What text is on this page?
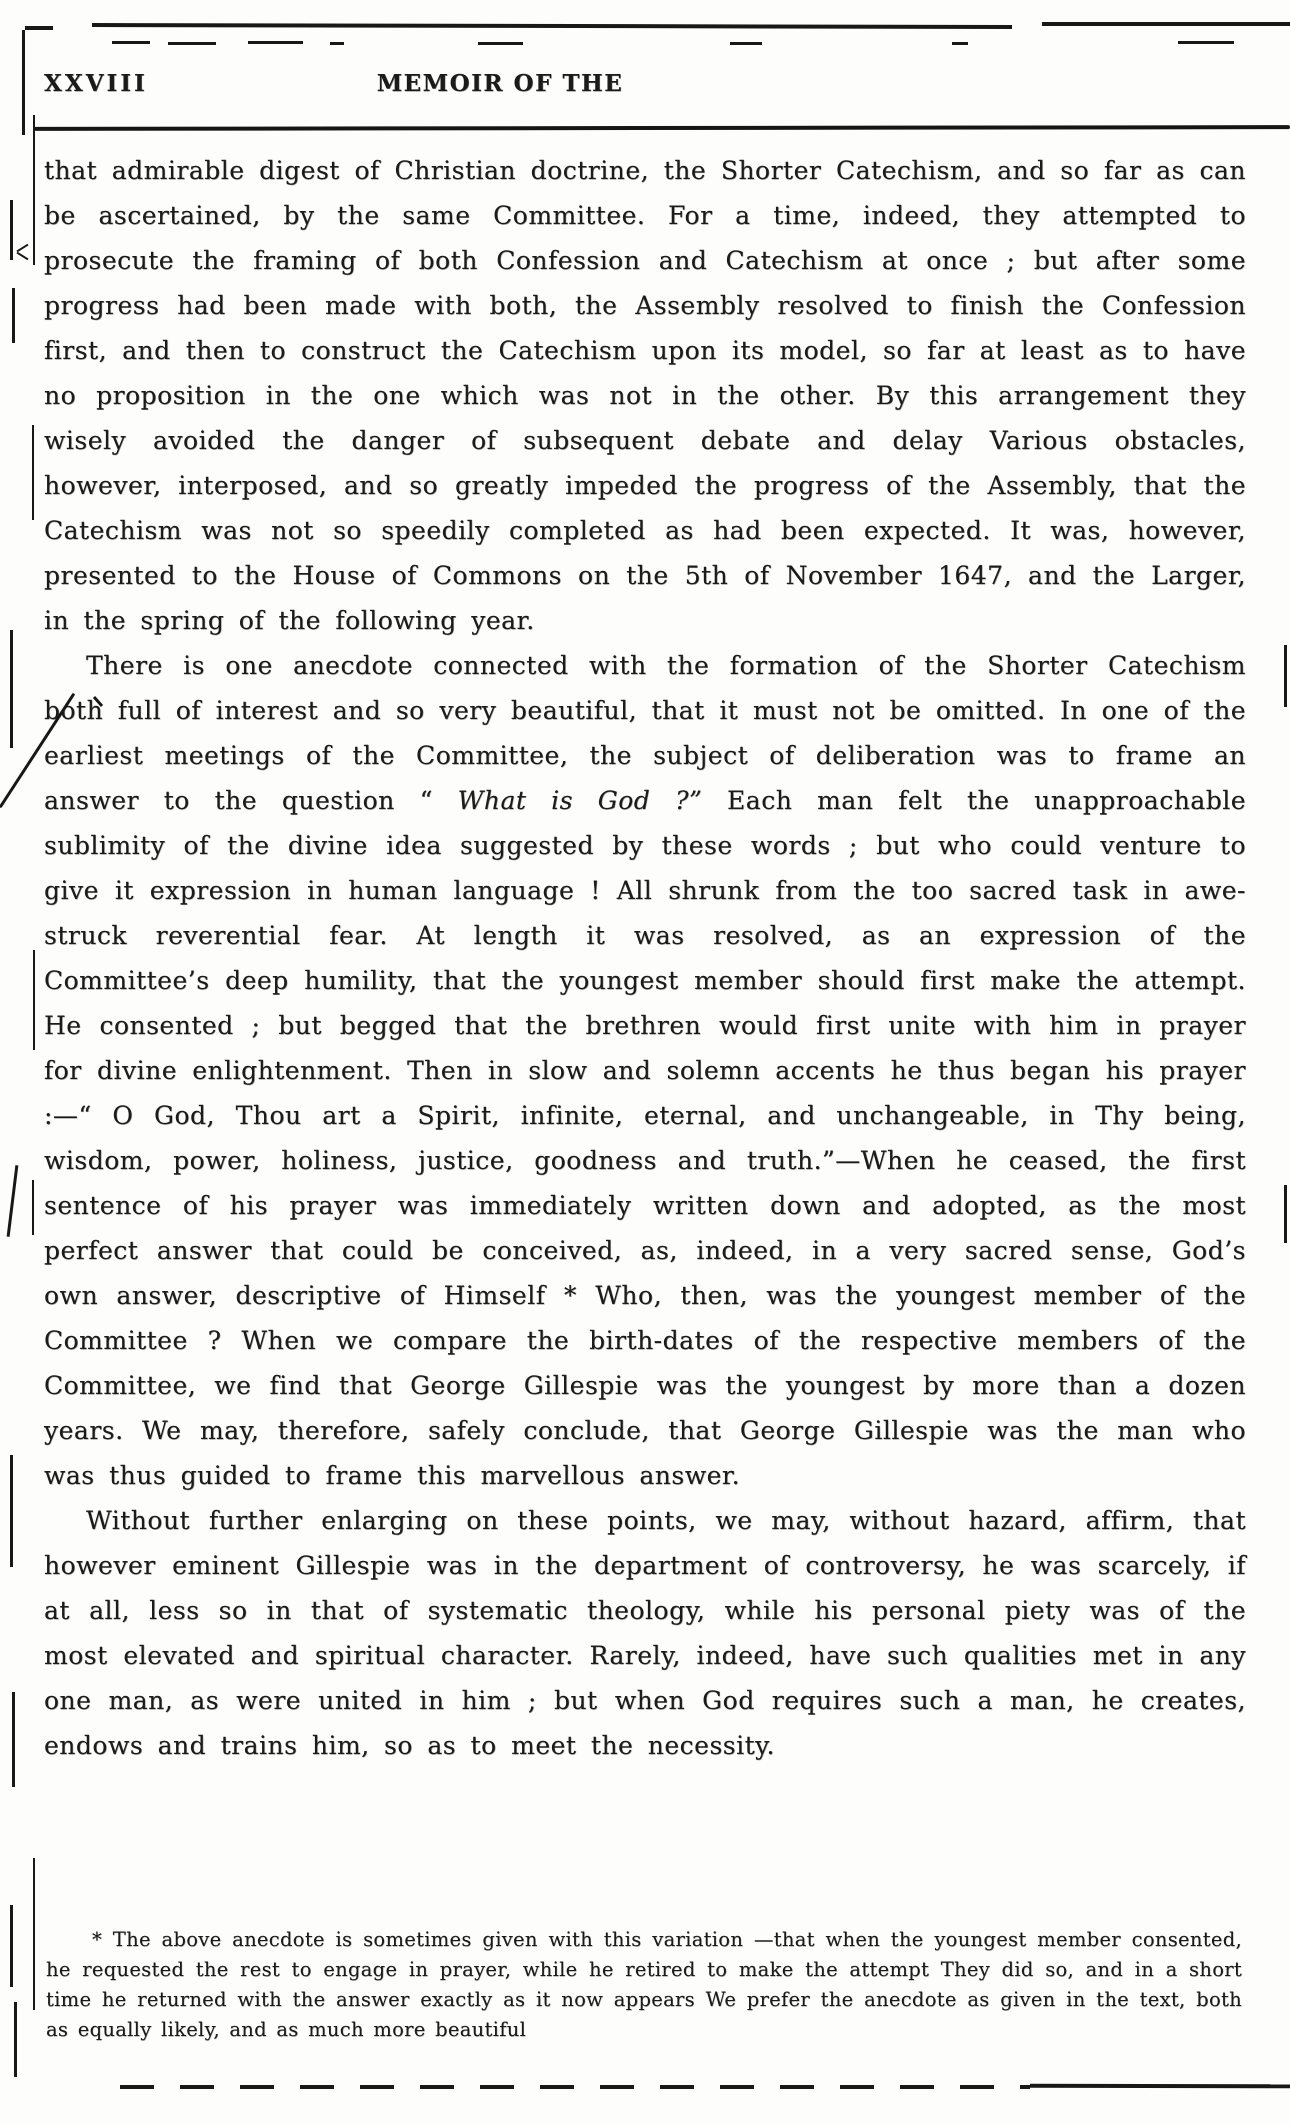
XXVIII	MEMOIR OF THE

that admirable digest of Christian doctrine, the Shorter Catechism, and so far as can be ascertained, by the same Committee. For a time, indeed, they attempted to prosecute the framing of both Confession and Catechism at once ; but after some progress had been made with both, the Assembly resolved to finish the Confession first, and then to construct the Catechism upon its model, so far at least as to have no proposition in the one which was not in the other. By this arrangement they wisely avoided the danger of subsequent debate and delay Various obstacles, however, interposed, and so greatly impeded the progress of the Assembly, that the Catechism was not so speedily completed as had been expected. It was, however, presented to the House of Commons on the 5th of November 1647, and the Larger, in the spring of the following year.

There is one anecdote connected with the formation of the Shorter Catechism both full of interest and so very beautiful, that it must not be omitted. In one of the earliest meetings of the Committee, the subject of deliberation was to frame an answer to the question “ What is God ?” Each man felt the unapproachable sublimity of the divine idea suggested by these words ; but who could venture to give it expression in human language ! All shrunk from the too sacred task in awe-struck reverential fear. At length it was resolved, as an expression of the Committee’s deep humility, that the youngest member should first make the attempt. He consented ; but begged that the brethren would first unite with him in prayer for divine enlightenment. Then in slow and solemn accents he thus began his prayer :—“ O God, Thou art a Spirit, infinite, eternal, and unchangeable, in Thy being, wisdom, power, holiness, justice, goodness and truth.”—When he ceased, the first sentence of his prayer was immediately written down and adopted, as the most perfect answer that could be conceived, as, indeed, in a very sacred sense, God’s own answer, descriptive of Himself * Who, then, was the youngest member of the Committee ? When we compare the birth-dates of the respective members of the Committee, we find that George Gillespie was the youngest by more than a dozen years. We may, therefore, safely conclude, that George Gillespie was the man who was thus guided to frame this marvellous answer.

Without further enlarging on these points, we may, without hazard, affirm, that however eminent Gillespie was in the department of controversy, he was scarcely, if at all, less so in that of systematic theology, while his personal piety was of the most elevated and spiritual character. Rarely, indeed, have such qualities met in any one man, as were united in him ; but when God requires such a man, he creates, endows and trains him, so as to meet the necessity.

* The above anecdote is sometimes given with this variation —that when the youngest member consented, he requested the rest to engage in prayer, while he retired to make the attempt They did so, and in a short time he returned with the answer exactly as it now appears We prefer the anecdote as given in the text, both as equally likely, and as much more beautiful
